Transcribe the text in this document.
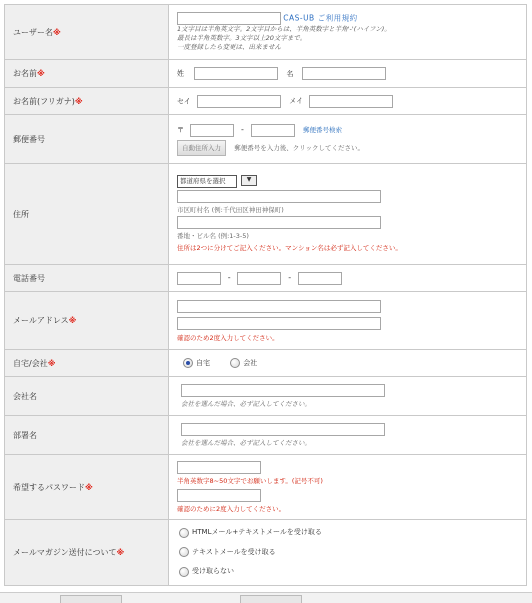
ユーザー名※	CAS-UB ご利用規約
1文字目は半角英文字。2文字目からは、半角英数字と半角'-'(ハイフン)。
最長は半角英数字。3文字以上20文字まで。
一度登録したら変更は、出来ません

お名前※	姓 名
お名前(フリガナ)※	セイ メイ
郵便番号	〒 - 郵便番号検索
自動住所入力 郵便番号を入力後、クリックしてください。

住所	都道府県を選択 ▼
市区町村名 (例:千代田区神田神保町)
番地・ビル名 (例:1-3-5)
住所は2つに分けてご記入ください。マンション名は必ず記入してください。

電話番号	- -
メールアドレス※	確認のため2度入力してください。

自宅/会社※	自宅 会社
会社名	会社を選んだ場合、必ず記入してください。

部署名	会社を選んだ場合、必ず記入してください。

希望するパスワード※	半角英数字8~50文字でお願いします。(記号不可)
確認のために2度入力してください。

メールマガジン送付について※	HTMLメール+テキストメールを受け取る
テキストメールを受け取る
受け取らない
